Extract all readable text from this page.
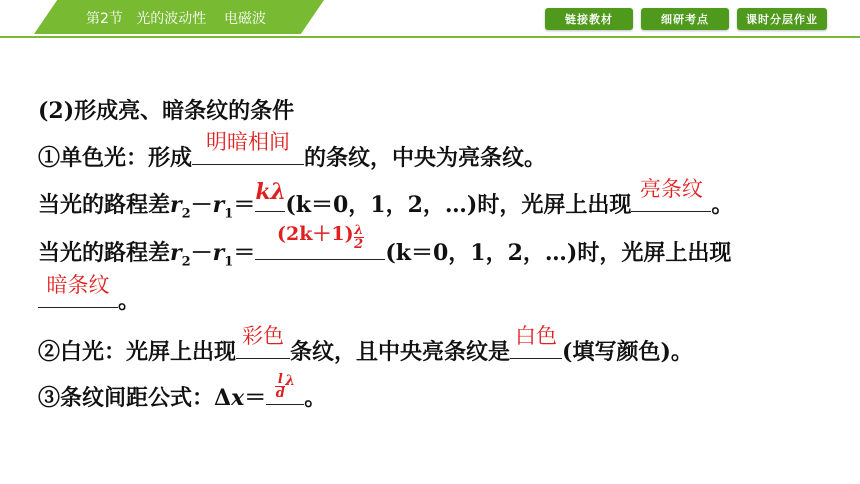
第2节   光的波动性    电磁波	链接教材	细研考点	课时分层作业
(2)形成亮、暗条纹的条件
①单色光：形成
明暗相间
的条纹，中央为亮条纹。
当光的路程差$r_2-r_1= k\lambda$ (k＝0，1，2，…)时，光屏上出现
亮条纹
。
当光的路程差$r_2-r_1=$
$(2k+1) \frac{\lambda}{2}$
(k＝0，1，2，…)时，光屏上出现
暗条纹
。
②白光：光屏上出现
彩色
条纹，且中央亮条纹是
白色
(填写颜色)。
③条纹间距公式：$\Delta x= \frac{l}{d}$ λ
。
